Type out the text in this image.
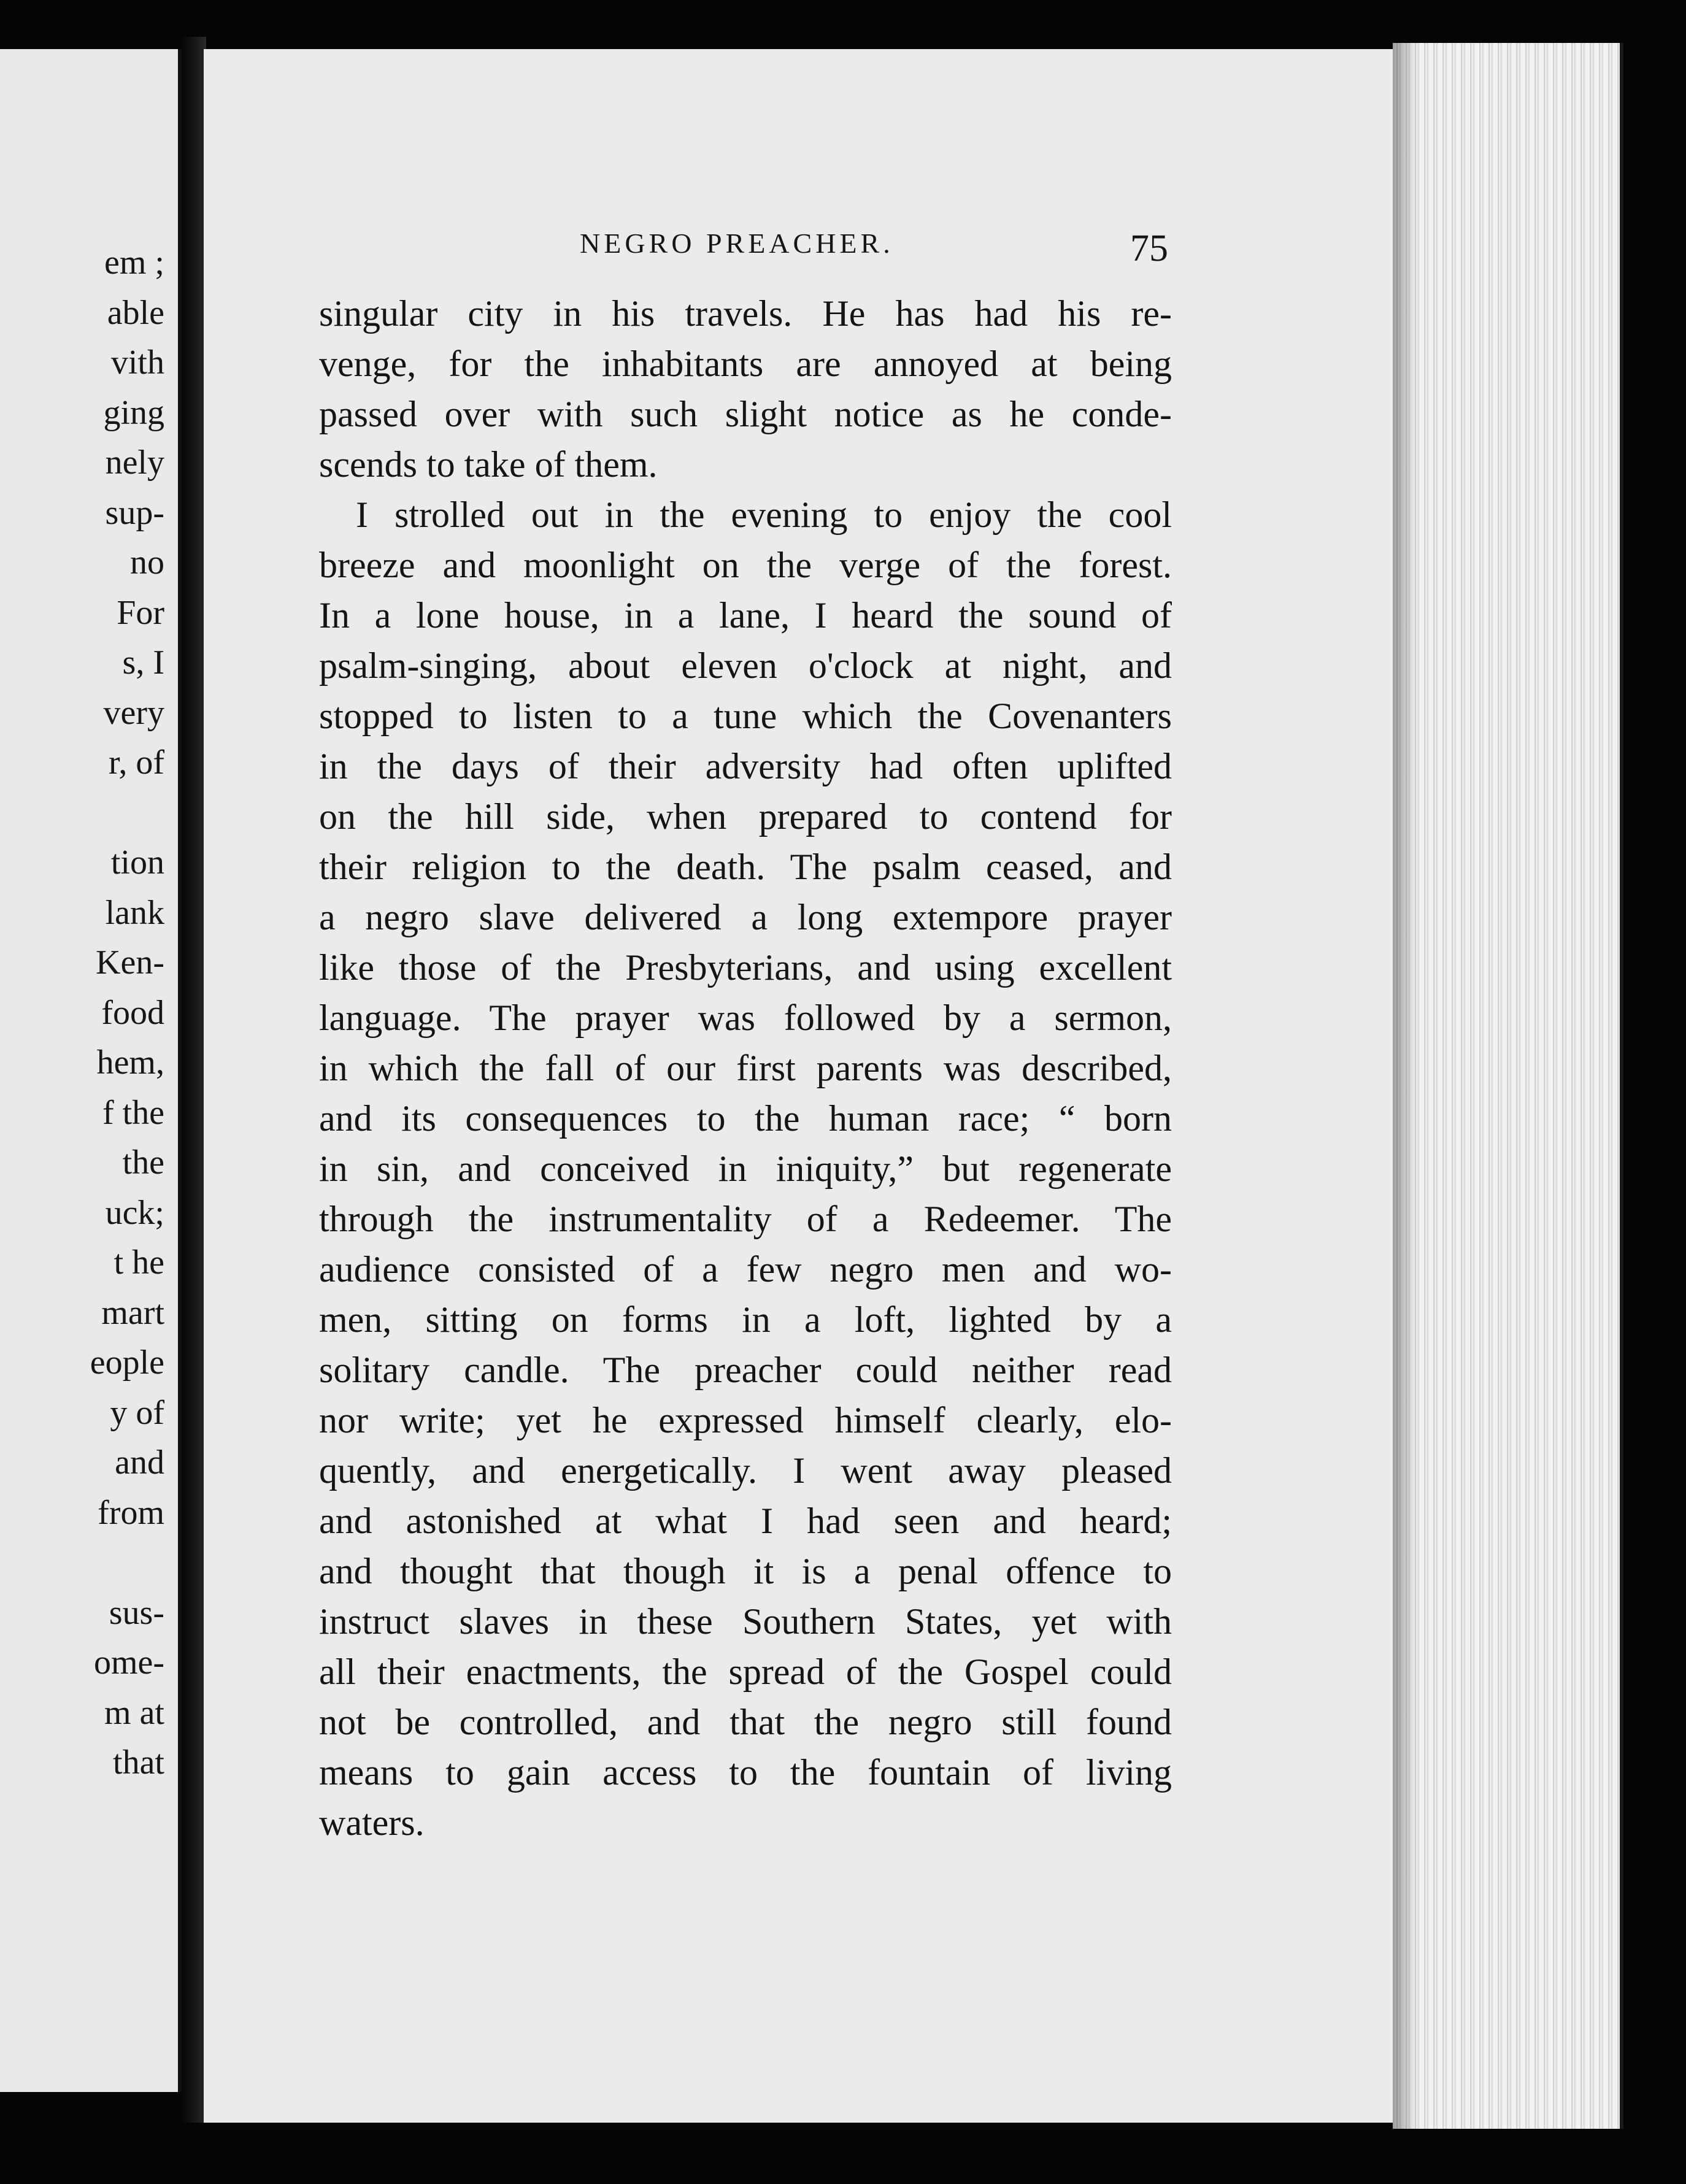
em ;
able
vith
ging
nely
sup-
no
For
s, I
very
r, of
tion
lank
Ken-
food
hem,
f the
the
uck;
t he
mart
eople
y of
and
from
sus-
ome-
m at
that
NEGRO PREACHER.	75
singular city in his travels. He has had his re-
venge, for the inhabitants are annoyed at being
passed over with such slight notice as he conde-
scends to take of them.
I strolled out in the evening to enjoy the cool
breeze and moonlight on the verge of the forest.
In a lone house, in a lane, I heard the sound of
psalm-singing, about eleven o'clock at night, and
stopped to listen to a tune which the Covenanters
in the days of their adversity had often uplifted
on the hill side, when prepared to contend for
their religion to the death. The psalm ceased, and
a negro slave delivered a long extempore prayer
like those of the Presbyterians, and using excellent
language. The prayer was followed by a sermon,
in which the fall of our first parents was described,
and its consequences to the human race; “ born
in sin, and conceived in iniquity,” but regenerate
through the instrumentality of a Redeemer. The
audience consisted of a few negro men and wo-
men, sitting on forms in a loft, lighted by a
solitary candle. The preacher could neither read
nor write; yet he expressed himself clearly, elo-
quently, and energetically. I went away pleased
and astonished at what I had seen and heard;
and thought that though it is a penal offence to
instruct slaves in these Southern States, yet with
all their enactments, the spread of the Gospel could
not be controlled, and that the negro still found
means to gain access to the fountain of living
waters.
